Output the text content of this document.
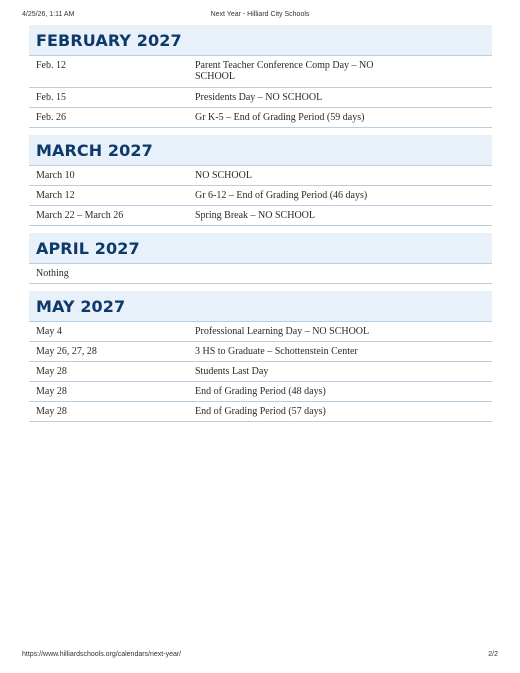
4/25/26, 1:11 AM	Next Year - Hilliard City Schools
FEBRUARY 2027
Feb. 12	Parent Teacher Conference Comp Day – NO SCHOOL
Feb. 15	Presidents Day – NO SCHOOL
Feb. 26	Gr K-5 – End of Grading Period (59 days)
MARCH 2027
March 10	NO SCHOOL
March 12	Gr 6-12 – End of Grading Period (46 days)
March 22 – March 26	Spring Break – NO SCHOOL
APRIL 2027
Nothing
MAY 2027
May 4	Professional Learning Day – NO SCHOOL
May 26, 27, 28	3 HS to Graduate – Schottenstein Center
May 28	Students Last Day
May 28	End of Grading Period (48 days)
May 28	End of Grading Period (57 days)
https://www.hilliardschools.org/calendars/next-year/	2/2
